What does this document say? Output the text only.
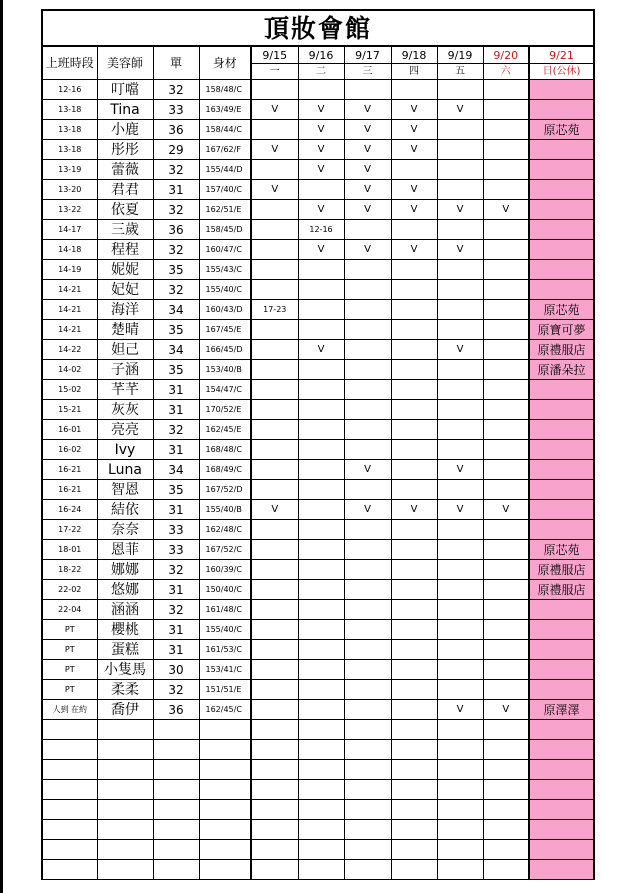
頂妝會館										
上班時段	美容師	單	身材	9/15	9/16	9/17	9/18	9/19	9/20	9/21
				一	二	三	四	五	六	日(公休)
12-16	叮噹	32	158/48/C							
13-18	Tina	33	163/49/E	V	V	V	V	V		
13-18	小鹿	36	158/44/C		V	V	V			原芯苑
13-18	彤彤	29	167/62/F	V	V	V	V			
13-19	蕾薇	32	155/44/D		V	V				
13-20	君君	31	157/40/C	V		V	V			
13-22	依夏	32	162/51/E		V	V	V	V	V	
14-17	三歲	36	158/45/D		12-16					
14-18	程程	32	160/47/C		V	V	V	V		
14-19	妮妮	35	155/43/C							
14-21	妃妃	32	155/40/C							
14-21	海洋	34	160/43/D	17-23						原芯苑
14-21	楚晴	35	167/45/E							原寶可夢
14-22	妲己	34	166/45/D		V			V		原禮服店
14-02	子涵	35	153/40/B							原潘朵拉
15-02	芊芊	31	154/47/C							
15-21	灰灰	31	170/52/E							
16-01	亮亮	32	162/45/E							
16-02	Ivy	31	168/48/C							
16-21	Luna	34	168/49/C			V		V		
16-21	智恩	35	167/52/D							
16-24	結依	31	155/40/B	V		V	V	V	V	
17-22	奈奈	33	162/48/C							
18-01	恩菲	33	167/52/C							原芯苑
18-22	娜娜	32	160/39/C							原禮服店
22-02	悠娜	31	150/40/C							原禮服店
22-04	涵涵	32	161/48/C							
PT	櫻桃	31	155/40/C							
PT	蛋糕	31	161/53/C							
PT	小隻馬	30	153/41/C							
PT	柔柔	32	151/51/E							
人到 在約	喬伊	36	162/45/C					V	V	原澤澤
